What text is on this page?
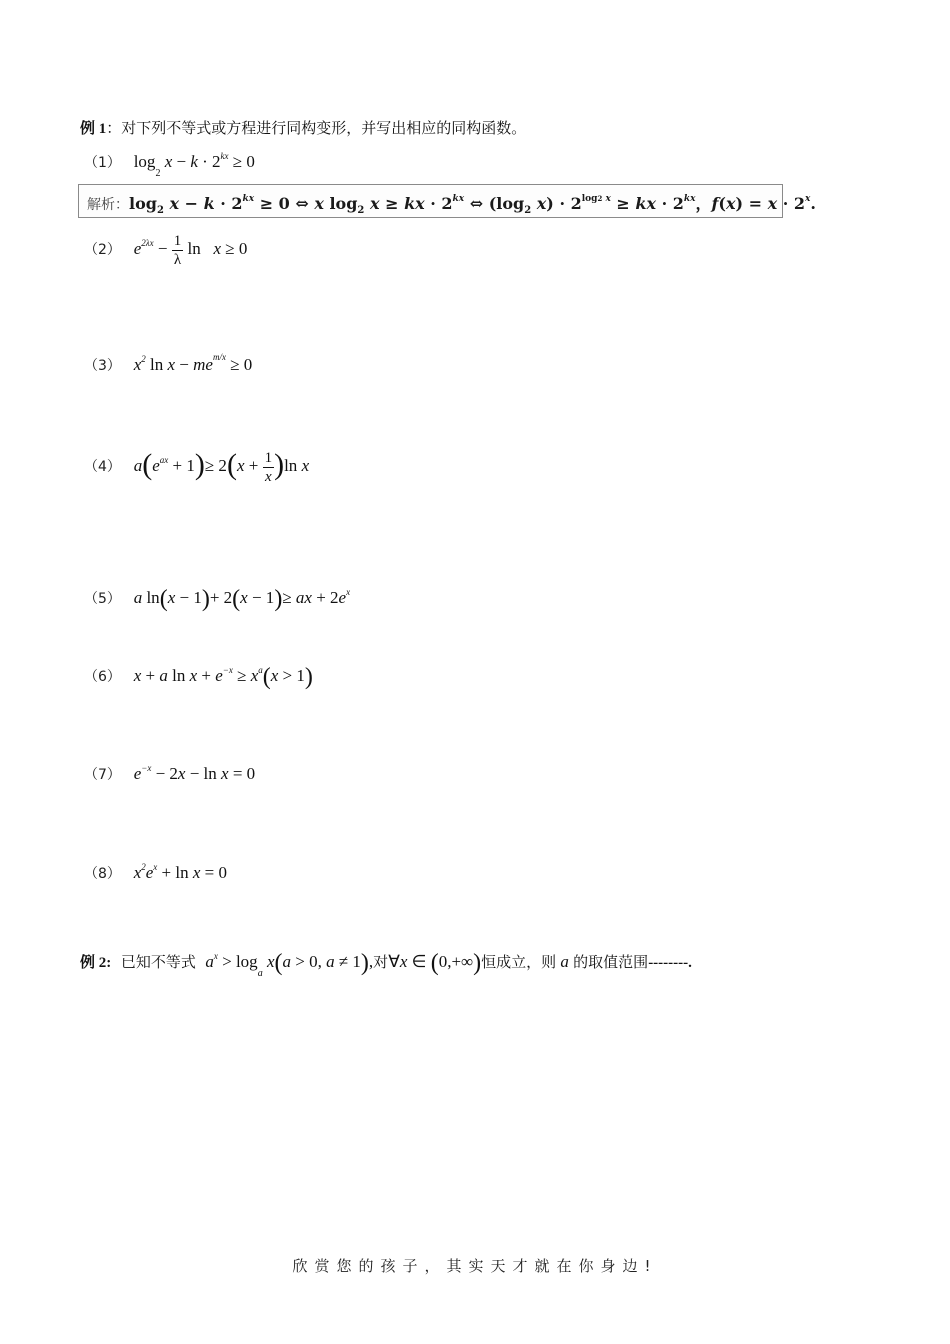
例 1：对下列不等式或方程进行同构变形，并写出相应的同构函数。
（1） $\log_2 x - k \cdot 2^{kx} \ge 0$
解析：$\log_2 x - k \cdot 2^{kx} \ge 0$ ⇔ x $\log_2 x$ ≥ kx · $2^{kx}$ ⇔ ($\log_2$ $x) \cdot 2^{log2 x}$ ≥ kx · $2^{kx}$，$f(x) = x \cdot 2^x$.
（2） $e^{2\lambda x} - \frac{1}{\lambda}$ ln   x ≥ 0
（3） $x^2$ $\ln x - me^{m/x} \ge 0$
（4） $a(e^{ax} + 1)\ge 2(x + \frac{1}{x} )\ln$ x
（5） a ln(x − 1)+ 2(x − 1)≥ ax + $2e^x$
（6） x + a $\ln x + e^{-x} \ge x^a(x > 1)$
（7） $e^{-x} - 2x - \ln x = 0$
（8） $x^2e^x + \ln x = 0$
例 2: 已知不等式 $a^x > \log_a x(a > 0$, a ≠ 1),对∀x ∈ (0,+∞)恒成立，则 a 的取值范围--------.
欣赏您的孩子，其实天才就在你身边!
